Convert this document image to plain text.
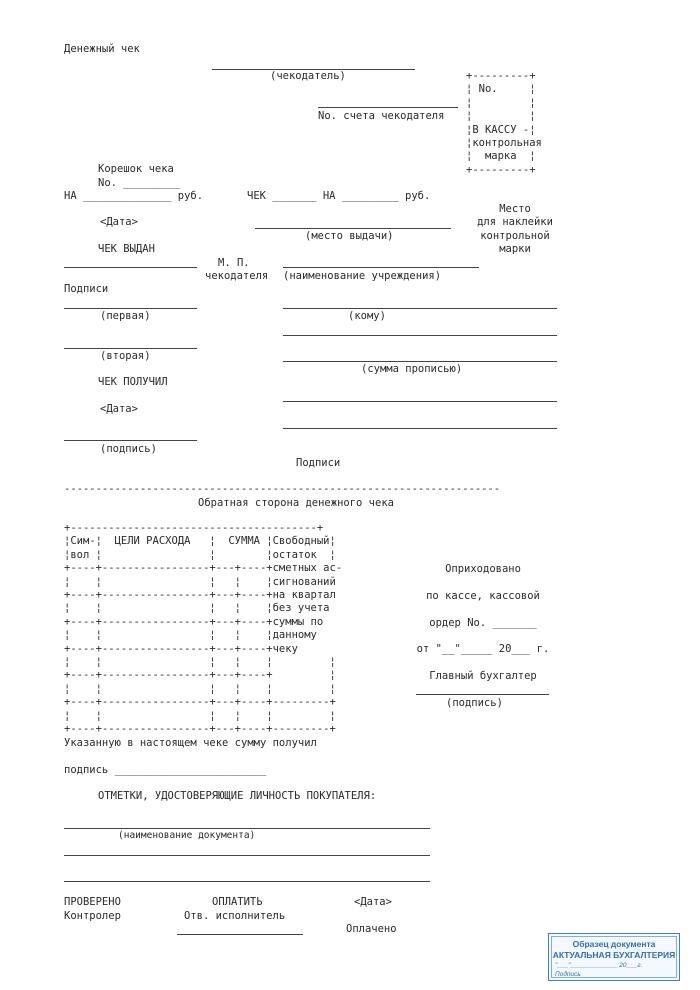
Денежный чек
(чекодатель)	+---------+
¦ No.     ¦
¦         ¦
¦         ¦
¦В КАССУ -¦
¦контрольная
¦  марка  ¦
+---------+
No. счета чекодателя
Корешок чека
No. _________
НА ______________ руб.	ЧЕК _______ НА _________ руб.
Место
для наклейки
контрольной
марки
<Дата>
(место выдачи)
ЧЕК ВЫДАН
М. П.
чекодателя (наименование учреждения)
Подписи
(первая)	(кому)
(вторая)
(сумма прописью)
ЧЕК ПОЛУЧИЛ
<Дата>
(подпись)
Подписи
---------------------------------------------------------------------
Обратная сторона денежного чека
+---------------------------------------+
¦Сим-¦  ЦЕЛИ РАСХОДА   ¦  СУММА ¦Свободный¦
¦вол ¦                 ¦        ¦остаток  ¦
+----+-----------------+---+----+сметных ас-
¦    ¦                 ¦   ¦    ¦сигнований
+----+-----------------+---+----+на квартал
¦    ¦                 ¦   ¦    ¦без учета
+----+-----------------+---+----+суммы по
¦    ¦                 ¦   ¦    ¦данному
+----+-----------------+---+----+чеку
¦    ¦                 ¦   ¦    ¦         ¦
+----+-----------------+---+----+         ¦
¦    ¦                 ¦   ¦    ¦         ¦
+----+-----------------+---+----+---------+
¦    ¦                 ¦   ¦    ¦         ¦
+----+-----------------+---+----+---------+
Оприходовано
по кассе, кассовой
ордер No. _______
от "__"_____ 20___ г.
Главный бухгалтер
(подпись)
Указанную в настоящем чеке сумму получил
подпись ________________________
ОТМЕТКИ, УДОСТОВЕРЯЮЩИЕ ЛИЧНОСТЬ ПОКУПАТЕЛЯ:
(наименование документа)
ПРОВЕРЕНО	ОПЛАТИТЬ	<Дата>
Контролер	Отв. исполнитель
Оплачено
Образец документа
АКТУАЛЬНАЯ БУХГАЛТЕРИЯ
"___"_____________ 20___г.
Подпись
